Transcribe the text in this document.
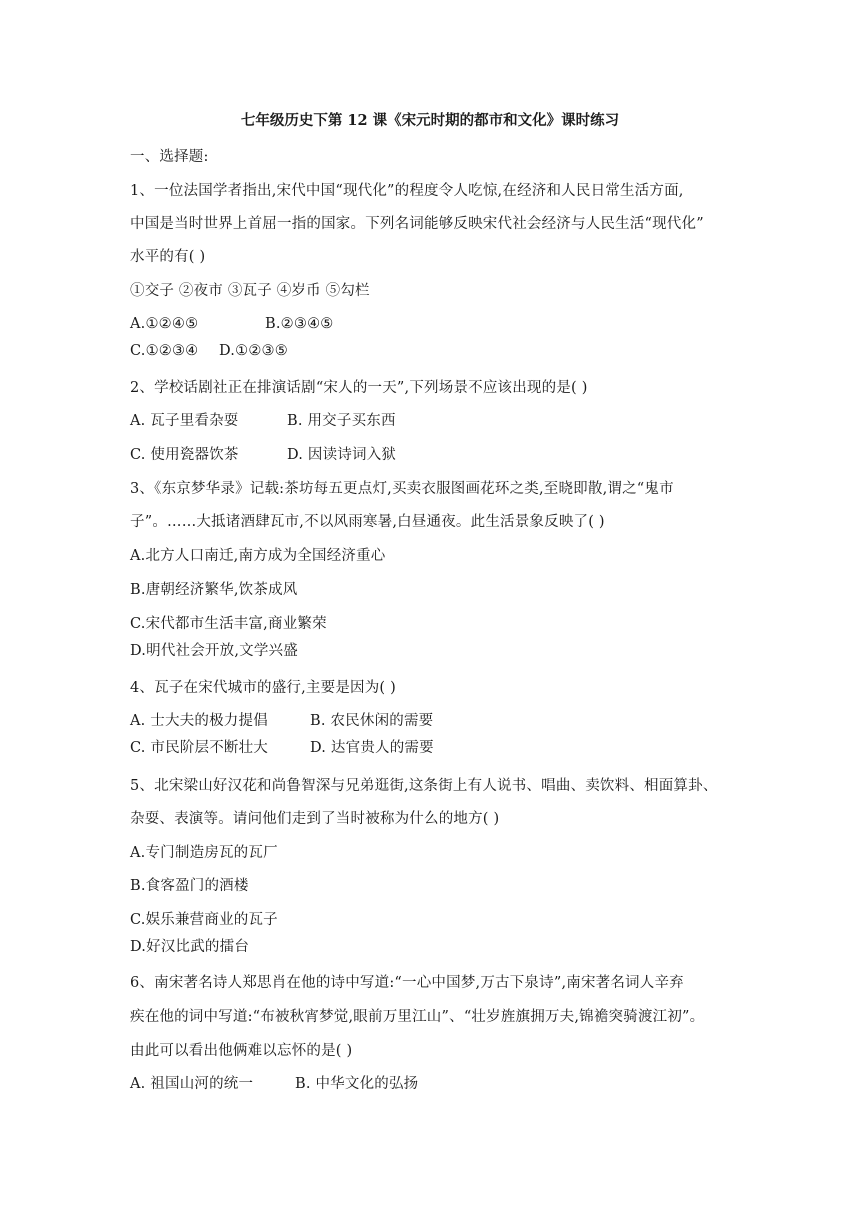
七年级历史下第 12 课《宋元时期的都市和文化》课时练习
一、选择题:
1、一位法国学者指出,宋代中国“现代化”的程度令人吃惊,在经济和人民日常生活方面,
中国是当时世界上首屈一指的国家。下列名词能够反映宋代社会经济与人民生活“现代化”
水平的有( )
①交子 ②夜市 ③瓦子 ④岁币 ⑤勾栏
A.①②④⑤	B.②③④⑤
C.①②③④ D.①②③⑤
2、学校话剧社正在排演话剧“宋人的一天”,下列场景不应该出现的是( )
A. 瓦子里看杂耍	B. 用交子买东西
C. 使用瓷器饮茶	D. 因读诗词入狱
3、《东京梦华录》记载:茶坊每五更点灯,买卖衣服图画花环之类,至晓即散,谓之“鬼市
子”。……大抵诸酒肆瓦市,不以风雨寒暑,白昼通夜。此生活景象反映了( )
A.北方人口南迁,南方成为全国经济重心
B.唐朝经济繁华,饮茶成风
C.宋代都市生活丰富,商业繁荣
D.明代社会开放,文学兴盛
4、瓦子在宋代城市的盛行,主要是因为( )
A. 士大夫的极力提倡	B. 农民休闲的需要
C. 市民阶层不断壮大	D. 达官贵人的需要
5、北宋梁山好汉花和尚鲁智深与兄弟逛街,这条街上有人说书、唱曲、卖饮料、相面算卦、
杂耍、表演等。请问他们走到了当时被称为什么的地方( )
A.专门制造房瓦的瓦厂
B.食客盈门的酒楼
C.娱乐兼营商业的瓦子
D.好汉比武的擂台
6、南宋著名诗人郑思肖在他的诗中写道:“一心中国梦,万古下泉诗”,南宋著名词人辛弃
疾在他的词中写道:“布被秋宵梦觉,眼前万里江山”、“壮岁旌旗拥万夫,锦襜突骑渡江初”。
由此可以看出他俩难以忘怀的是( )
A. 祖国山河的统一	B. 中华文化的弘扬
